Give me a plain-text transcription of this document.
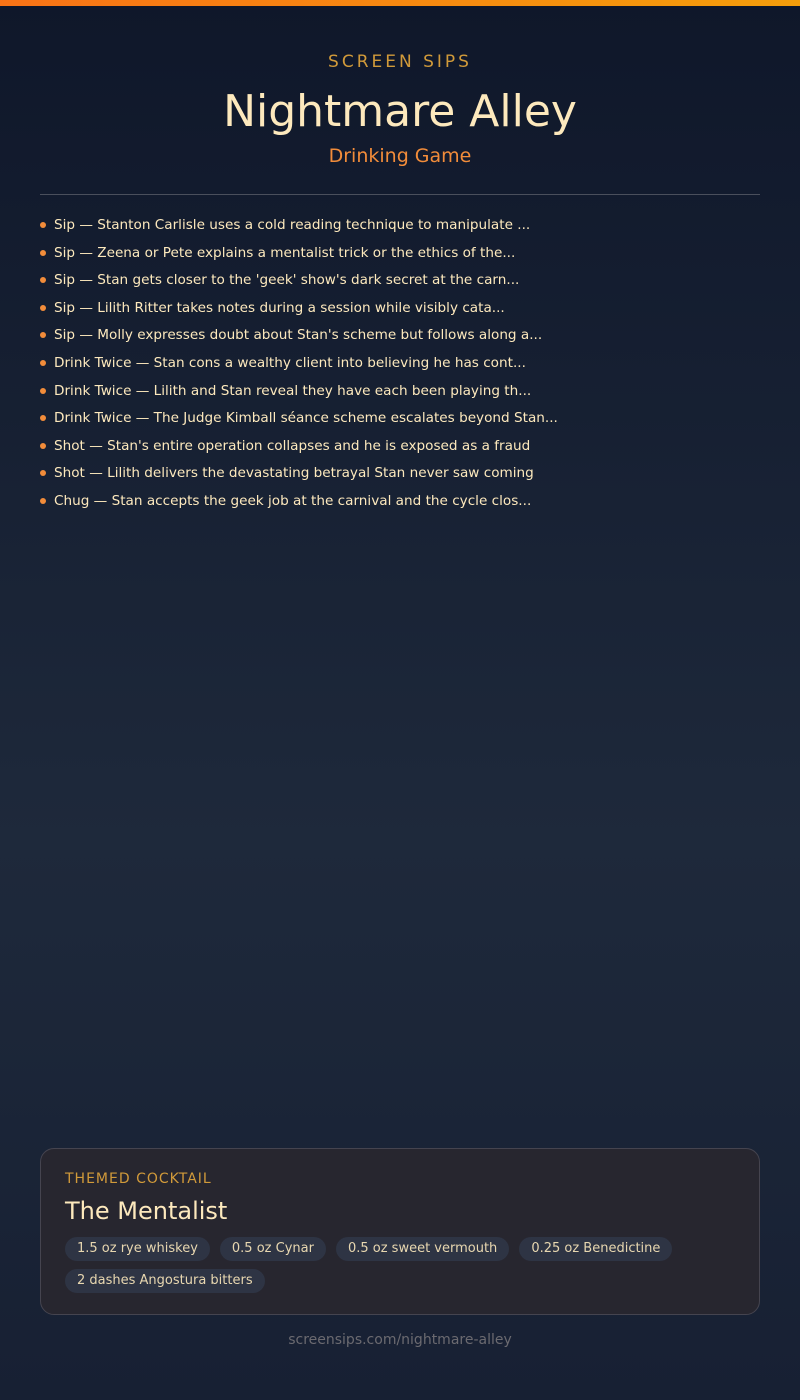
SCREEN SIPS
Nightmare Alley
Drinking Game
Sip — Stanton Carlisle uses a cold reading technique to manipulate ...
Sip — Zeena or Pete explains a mentalist trick or the ethics of the...
Sip — Stan gets closer to the 'geek' show's dark secret at the carn...
Sip — Lilith Ritter takes notes during a session while visibly cata...
Sip — Molly expresses doubt about Stan's scheme but follows along a...
Drink Twice — Stan cons a wealthy client into believing he has cont...
Drink Twice — Lilith and Stan reveal they have each been playing th...
Drink Twice — The Judge Kimball séance scheme escalates beyond Stan...
Shot — Stan's entire operation collapses and he is exposed as a fraud
Shot — Lilith delivers the devastating betrayal Stan never saw coming
Chug — Stan accepts the geek job at the carnival and the cycle clos...
THEMED COCKTAIL
The Mentalist
1.5 oz rye whiskey	0.5 oz Cynar	0.5 oz sweet vermouth	0.25 oz Benedictine
2 dashes Angostura bitters
screensips.com/nightmare-alley
